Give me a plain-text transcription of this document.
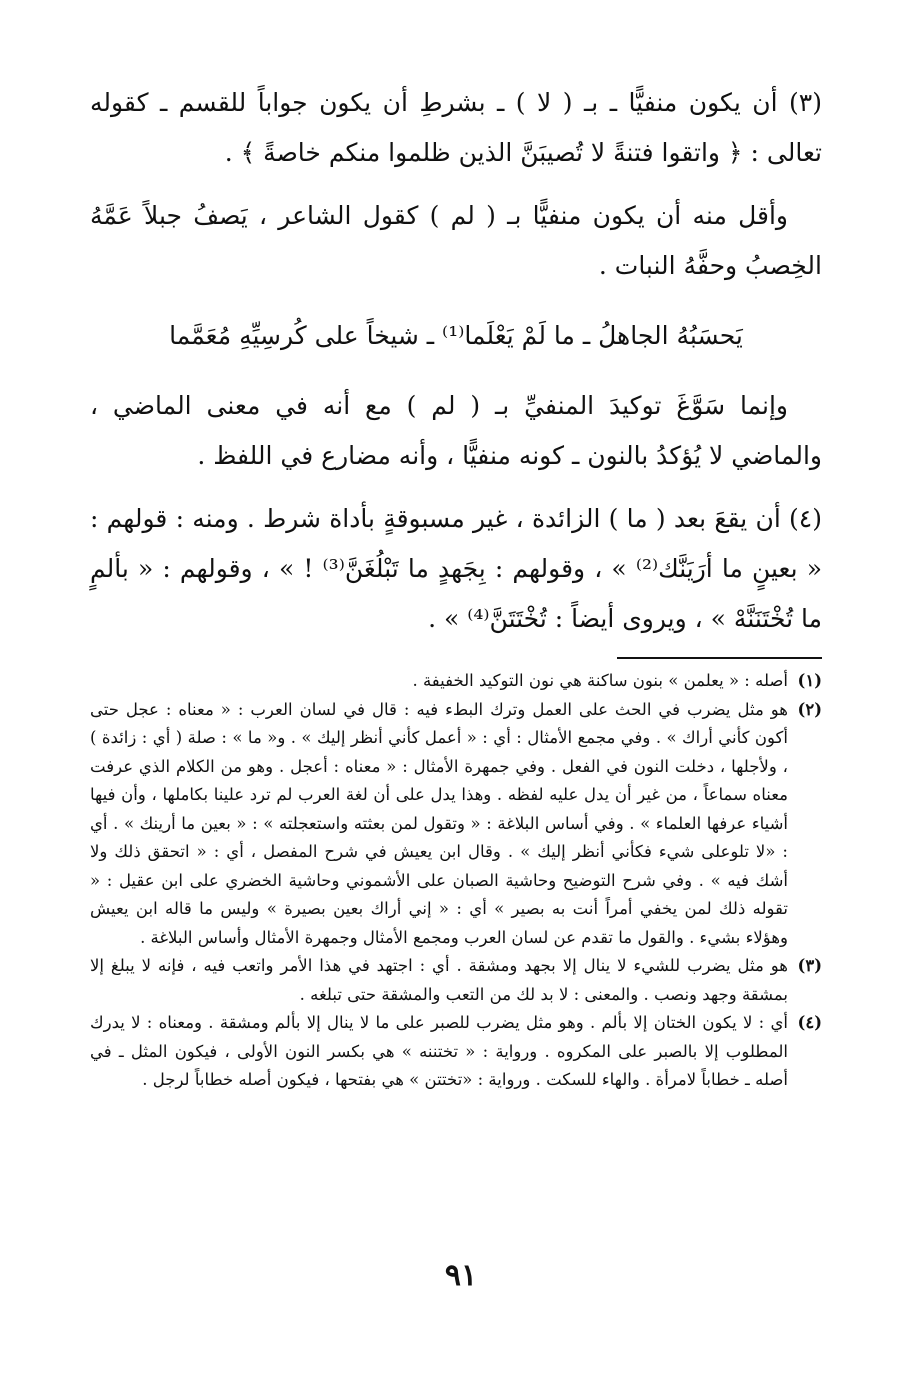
(٣) أن يكون منفيًّا ـ بـ ( لا ) ـ بشرطِ أن يكون جواباً للقسم ـ كقوله تعالى : ﴿ واتقوا فتنةً لا تُصيبَنَّ الذين ظلموا منكم خاصةً ﴾ .

وأقل منه أن يكون منفيًّا بـ ( لم ) كقول الشاعر ، يَصفُ جبلاً عَمَّهُ الخِصبُ وحفَّهُ النبات .

يَحسَبُهُ الجاهلُ ـ ما لَمْ يَعْلَما⁽¹⁾ ـ شيخاً على كُرسِيِّهِ مُعَمَّما

وإنما سَوَّغَ توكيدَ المنفيِّ بـ ( لم ) مع أنه في معنى الماضي ، والماضي لا يُؤكدُ بالنون ـ كونه منفيًّا ، وأنه مضارع في اللفظ .

(٤) أن يقعَ بعد ( ما ) الزائدة ، غير مسبوقةٍ بأداة شرط . ومنه : قولهم : « بعينٍ ما أرَيَنَّك⁽²⁾ » ، وقولهم : بِجَهدٍ ما تَبْلُغَنَّ⁽³⁾ ! » ، وقولهم : « بألمٍ ما تُخْتَنَنَّهْ » ، ويروى أيضاً : تُخْتَتَنَّ⁽⁴⁾ » .

(١)
أصله : « يعلمن » بنون ساكنة هي نون التوكيد الخفيفة .
(٢)
هو مثل يضرب في الحث على العمل وترك البطء فيه : قال في لسان العرب : « معناه : عجل حتى أكون كأني أراك » . وفي مجمع الأمثال : أي : « أعمل كأني أنظر إليك » . و« ما » : صلة ( أي : زائدة ) ، ولأجلها ، دخلت النون في الفعل . وفي جمهرة الأمثال : « معناه : أعجل . وهو من الكلام الذي عرفت معناه سماعاً ، من غير أن يدل عليه لفظه . وهذا يدل على أن لغة العرب لم ترد علينا بكاملها ، وأن فيها أشياء عرفها العلماء » . وفي أساس البلاغة : « وتقول لمن بعثته واستعجلته » : « بعين ما أرينك » . أي : «لا تلوعلى شيء فكأني أنظر إليك » . وقال ابن يعيش في شرح المفصل ، أي : « اتحقق ذلك ولا أشك فيه » . وفي شرح التوضيح وحاشية الصبان على الأشموني وحاشية الخضري على ابن عقيل : « تقوله ذلك لمن يخفي أمراً أنت به بصير » أي : « إني أراك بعين بصيرة » وليس ما قاله ابن يعيش وهؤلاء بشيء . والقول ما تقدم عن لسان العرب ومجمع الأمثال وجمهرة الأمثال وأساس البلاغة .
(٣)
هو مثل يضرب للشيء لا ينال إلا بجهد ومشقة . أي : اجتهد في هذا الأمر واتعب فيه ، فإنه لا يبلغ إلا بمشقة وجهد ونصب . والمعنى : لا بد لك من التعب والمشقة حتى تبلغه .
(٤)
أي : لا يكون الختان إلا بألم . وهو مثل يضرب للصبر على ما لا ينال إلا بألم ومشقة . ومعناه : لا يدرك المطلوب إلا بالصبر على المكروه . ورواية : « تختننه » هي بكسر النون الأولى ، فيكون المثل ـ في أصله ـ خطاباً لامرأة . والهاء للسكت . ورواية : «تختتن » هي بفتحها ، فيكون أصله خطاباً لرجل .
٩١
